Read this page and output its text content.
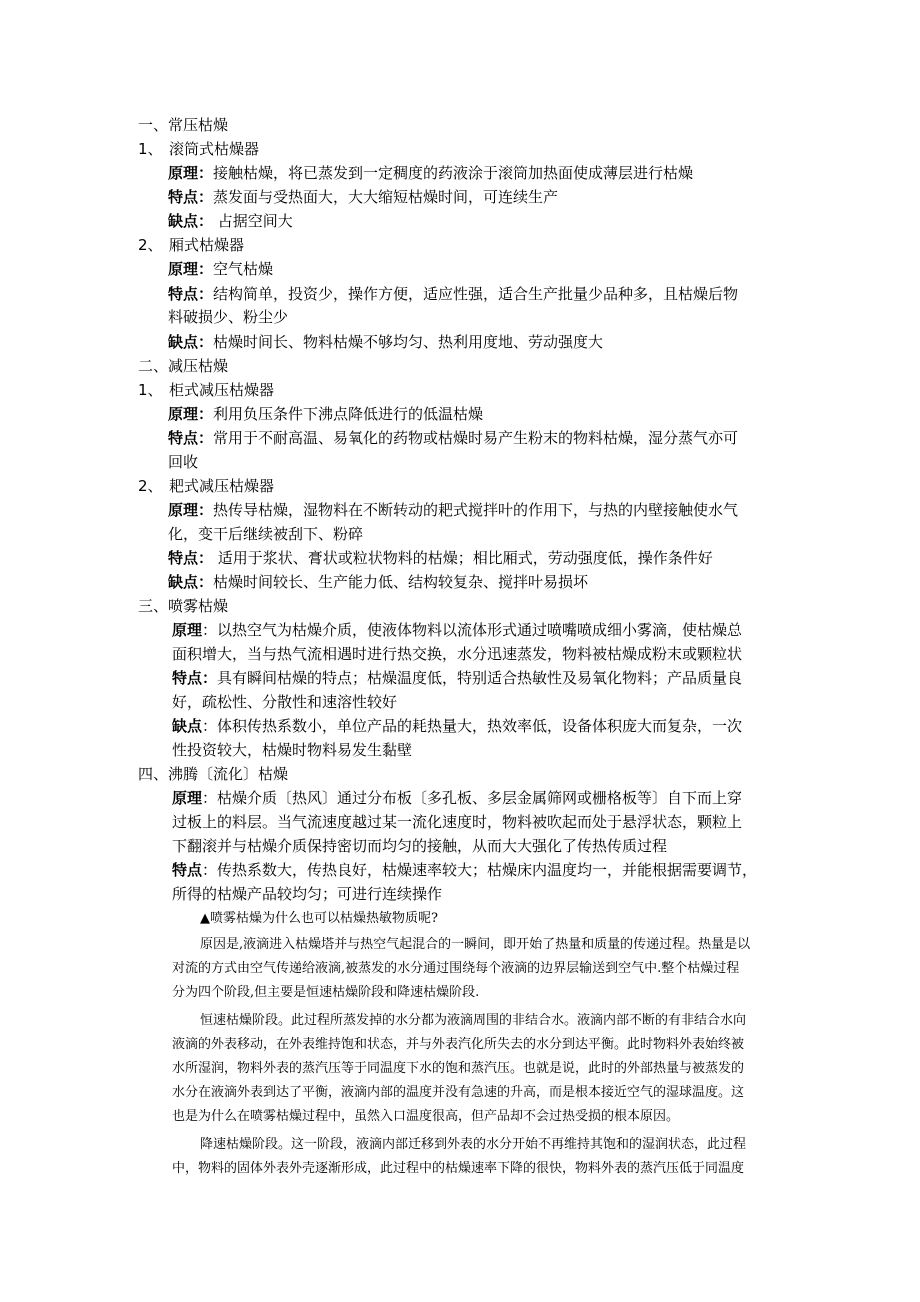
一、常压枯燥
1、 滚筒式枯燥器
原理：接触枯燥，将已蒸发到一定稠度的药液涂于滚筒加热面使成薄层进行枯燥
特点：蒸发面与受热面大，大大缩短枯燥时间，可连续生产
缺点： 占据空间大
2、 厢式枯燥器
原理：空气枯燥
特点：结构简单，投资少，操作方便，适应性强，适合生产批量少品种多，且枯燥后物
料破损少、粉尘少
缺点：枯燥时间长、物料枯燥不够均匀、热利用度地、劳动强度大
二、减压枯燥
1、 柜式减压枯燥器
原理：利用负压条件下沸点降低进行的低温枯燥
特点：常用于不耐高温、易氧化的药物或枯燥时易产生粉末的物料枯燥，湿分蒸气亦可
回收
2、 耙式减压枯燥器
原理：热传导枯燥，湿物料在不断转动的耙式搅拌叶的作用下，与热的内壁接触使水气
化，变干后继续被刮下、粉碎
特点： 适用于浆状、膏状或粒状物料的枯燥；相比厢式，劳动强度低，操作条件好
缺点：枯燥时间较长、生产能力低、结构较复杂、搅拌叶易损坏
三、喷雾枯燥
原理：以热空气为枯燥介质，使液体物料以流体形式通过喷嘴喷成细小雾滴，使枯燥总
面积增大，当与热气流相遇时进行热交换，水分迅速蒸发，物料被枯燥成粉末或颗粒状
特点：具有瞬间枯燥的特点；枯燥温度低，特别适合热敏性及易氧化物料；产品质量良
好，疏松性、分散性和速溶性较好
缺点：体积传热系数小，单位产品的耗热量大，热效率低，设备体积庞大而复杂，一次
性投资较大，枯燥时物料易发生黏壁
四、沸腾〔流化〕枯燥
原理：枯燥介质〔热风〕通过分布板〔多孔板、多层金属筛网或栅格板等〕自下而上穿
过板上的料层。当气流速度越过某一流化速度时，物料被吹起而处于悬浮状态，颗粒上
下翻滚并与枯燥介质保持密切而均匀的接触，从而大大强化了传热传质过程
特点：传热系数大，传热良好，枯燥速率较大；枯燥床内温度均一，并能根据需要调节，
所得的枯燥产品较均匀；可进行连续操作
▲喷雾枯燥为什么也可以枯燥热敏物质呢?
原因是,液滴进入枯燥塔并与热空气起混合的一瞬间，即开始了热量和质量的传递过程。热量是以
对流的方式由空气传递给液滴,被蒸发的水分通过围绕每个液滴的边界层输送到空气中.整个枯燥过程
分为四个阶段,但主要是恒速枯燥阶段和降速枯燥阶段.
恒速枯燥阶段。此过程所蒸发掉的水分都为液滴周围的非结合水。液滴内部不断的有非结合水向
液滴的外表移动，在外表维持饱和状态，并与外表汽化所失去的水分到达平衡。此时物料外表始终被
水所湿润，物料外表的蒸汽压等于同温度下水的饱和蒸汽压。也就是说，此时的外部热量与被蒸发的
水分在液滴外表到达了平衡，液滴内部的温度并没有急速的升高，而是根本接近空气的湿球温度。这
也是为什么在喷雾枯燥过程中，虽然入口温度很高，但产品却不会过热受损的根本原因。
降速枯燥阶段。这一阶段，液滴内部迁移到外表的水分开始不再维持其饱和的湿润状态，此过程
中，物料的固体外表外壳逐渐形成，此过程中的枯燥速率下降的很快，物料外表的蒸汽压低于同温度
